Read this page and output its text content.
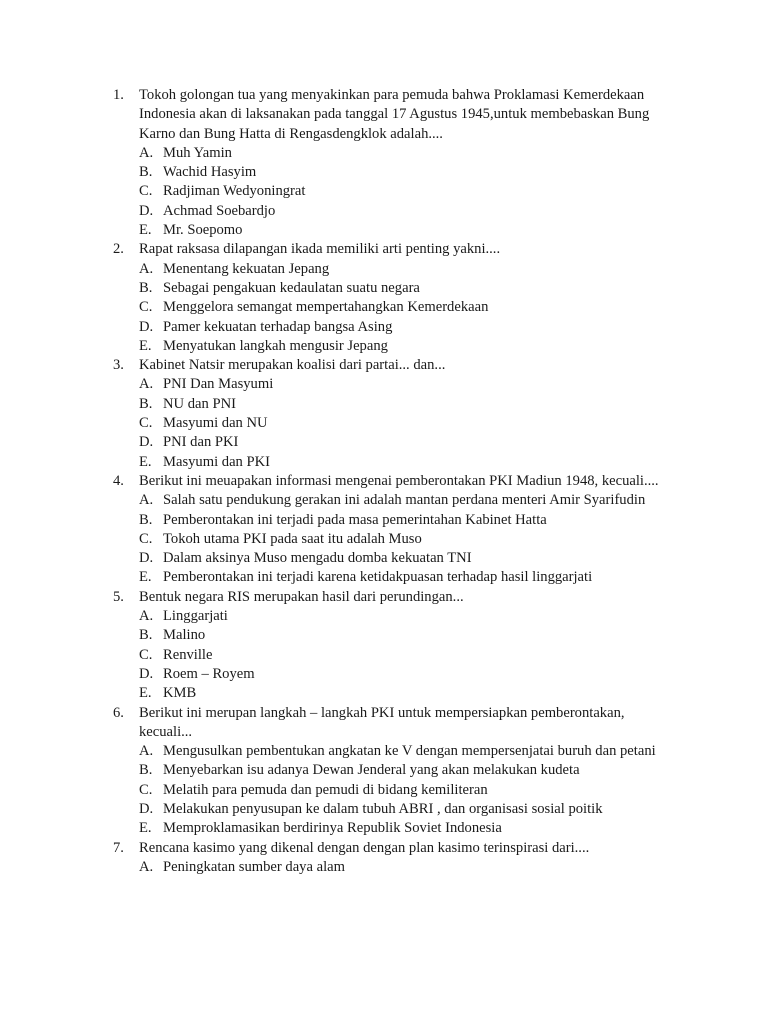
1. Tokoh golongan tua yang menyakinkan para pemuda bahwa Proklamasi Kemerdekaan Indonesia akan di laksanakan pada tanggal 17 Agustus 1945,untuk membebaskan Bung Karno dan Bung Hatta di Rengasdengklok adalah....
A. Muh Yamin
B. Wachid Hasyim
C. Radjiman Wedyoningrat
D. Achmad Soebardjo
E. Mr. Soepomo
2. Rapat raksasa dilapangan ikada memiliki arti penting yakni....
A. Menentang kekuatan Jepang
B. Sebagai pengakuan kedaulatan suatu negara
C. Menggelora semangat mempertahangkan Kemerdekaan
D. Pamer kekuatan terhadap bangsa Asing
E. Menyatukan langkah mengusir Jepang
3. Kabinet Natsir merupakan koalisi dari partai... dan...
A. PNI Dan Masyumi
B. NU dan PNI
C. Masyumi dan NU
D. PNI dan PKI
E. Masyumi dan PKI
4. Berikut ini meuapakan informasi mengenai pemberontakan PKI Madiun 1948, kecuali....
A. Salah satu pendukung gerakan ini adalah mantan perdana menteri Amir Syarifudin
B. Pemberontakan ini terjadi pada masa pemerintahan Kabinet Hatta
C. Tokoh utama PKI pada saat itu adalah Muso
D. Dalam aksinya Muso mengadu domba kekuatan TNI
E. Pemberontakan ini terjadi karena ketidakpuasan terhadap hasil linggarjati
5. Bentuk negara RIS merupakan hasil dari perundingan...
A. Linggarjati
B. Malino
C. Renville
D. Roem – Royem
E. KMB
6. Berikut ini merupan langkah – langkah PKI untuk mempersiapkan pemberontakan, kecuali...
A. Mengusulkan pembentukan angkatan ke V dengan mempersenjatai buruh dan petani
B. Menyebarkan isu adanya Dewan Jenderal yang akan melakukan kudeta
C. Melatih para pemuda dan pemudi di bidang kemiliteran
D. Melakukan penyusupan ke dalam tubuh ABRI , dan organisasi sosial poitik
E. Memproklamasikan berdirinya Republik Soviet Indonesia
7. Rencana kasimo yang dikenal dengan dengan plan kasimo terinspirasi dari....
A. Peningkatan sumber daya alam
